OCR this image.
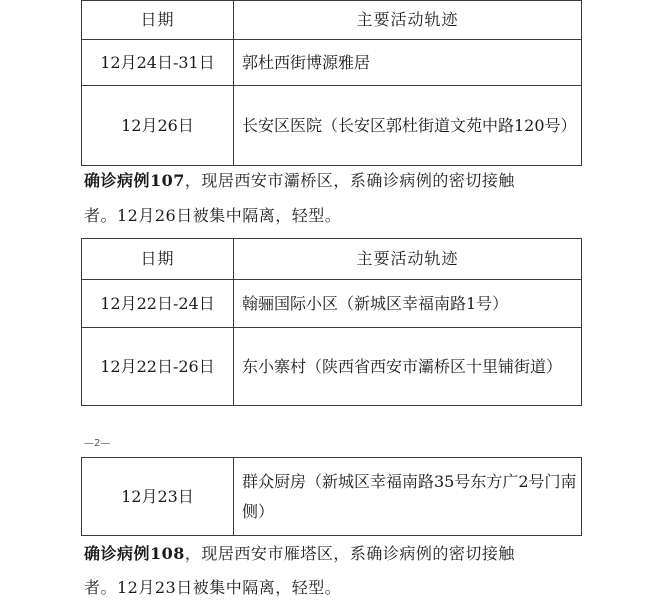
日期	主要活动轨迹
12月24日-31日	郭杜西街博源雅居
12月26日	长安区医院（长安区郭杜街道文苑中路120号）
确诊病例107，现居西安市灞桥区，系确诊病例的密切接触
者。12月26日被集中隔离，轻型。
日期	主要活动轨迹
12月22日-24日	翰骊国际小区（新城区幸福南路1号）
12月22日-26日	东小寨村（陕西省西安市灞桥区十里铺街道）
—2—
12月23日	群众厨房（新城区幸福南路35号东方广2号门南侧）
确诊病例108，现居西安市雁塔区，系确诊病例的密切接触
者。12月23日被集中隔离，轻型。
